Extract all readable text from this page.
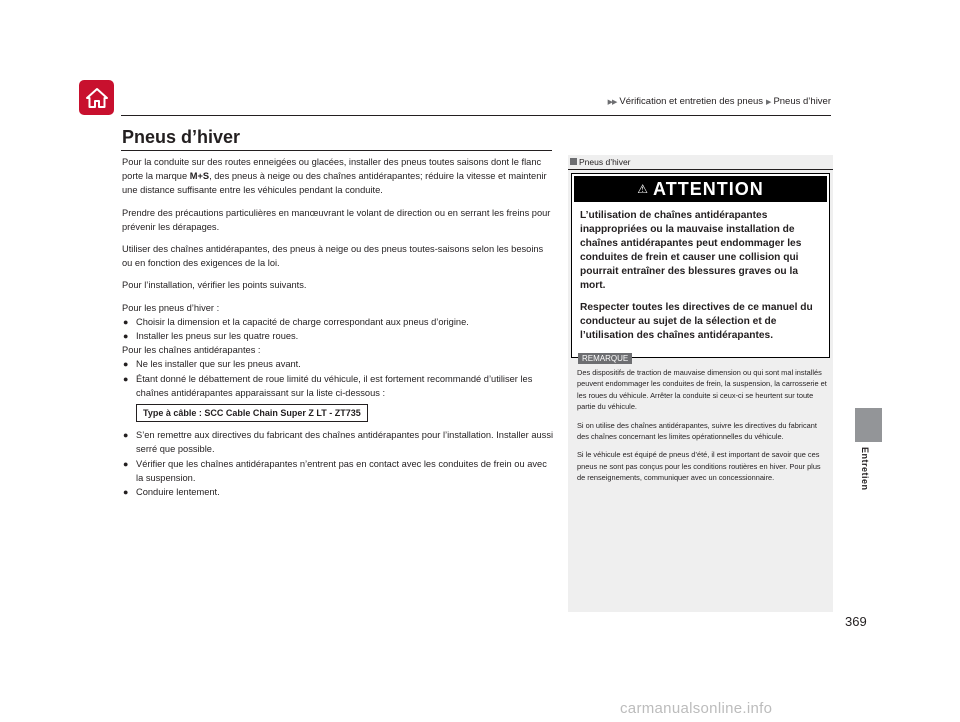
▶▶ Vérification et entretien des pneus ▶ Pneus d’hiver
Pneus d’hiver

Pour la conduite sur des routes enneigées ou glacées, installer des pneus toutes saisons dont le flanc porte la marque M+S, des pneus à neige ou des chaînes antidérapantes; réduire la vitesse et maintenir une distance suffisante entre les véhicules pendant la conduite.

Prendre des précautions particulières en manœuvrant le volant de direction ou en serrant les freins pour prévenir les dérapages.

Utiliser des chaînes antidérapantes, des pneus à neige ou des pneus toutes-saisons selon les besoins ou en fonction des exigences de la loi.

Pour l’installation, vérifier les points suivants.

Pour les pneus d’hiver :

● Choisir la dimension et la capacité de charge correspondant aux pneus d’origine.
● Installer les pneus sur les quatre roues.

Pour les chaînes antidérapantes :

● Ne les installer que sur les pneus avant.
● Étant donné le débattement de roue limité du véhicule, il est fortement recommandé d’utiliser les chaînes antidérapantes apparaissant sur la liste ci-dessous :
Type à câble : SCC Cable Chain Super Z LT - ZT735
● S’en remettre aux directives du fabricant des chaînes antidérapantes pour l’installation. Installer aussi serré que possible.
● Vérifier que les chaînes antidérapantes n’entrent pas en contact avec les conduites de frein ou avec la suspension.
● Conduire lentement.
Pneus d’hiver
⚠ ATTENTION

L’utilisation de chaînes antidérapantes inappropriées ou la mauvaise installation de chaînes antidérapantes peut endommager les conduites de frein et causer une collision qui pourrait entraîner des blessures graves ou la mort.

Respecter toutes les directives de ce manuel du conducteur au sujet de la sélection et de l’utilisation des chaînes antidérapantes.

REMARQUE

Des dispositifs de traction de mauvaise dimension ou qui sont mal installés peuvent endommager les conduites de frein, la suspension, la carrosserie et les roues du véhicule. Arrêter la conduite si ceux-ci se heurtent sur toute partie du véhicule.

Si on utilise des chaînes antidérapantes, suivre les directives du fabricant des chaînes concernant les limites opérationnelles du véhicule.

Si le véhicule est équipé de pneus d’été, il est important de savoir que ces pneus ne sont pas conçus pour les conditions routières en hiver. Pour plus de renseignements, communiquer avec un concessionnaire.	Entretien
369
carmanualsonline.info
